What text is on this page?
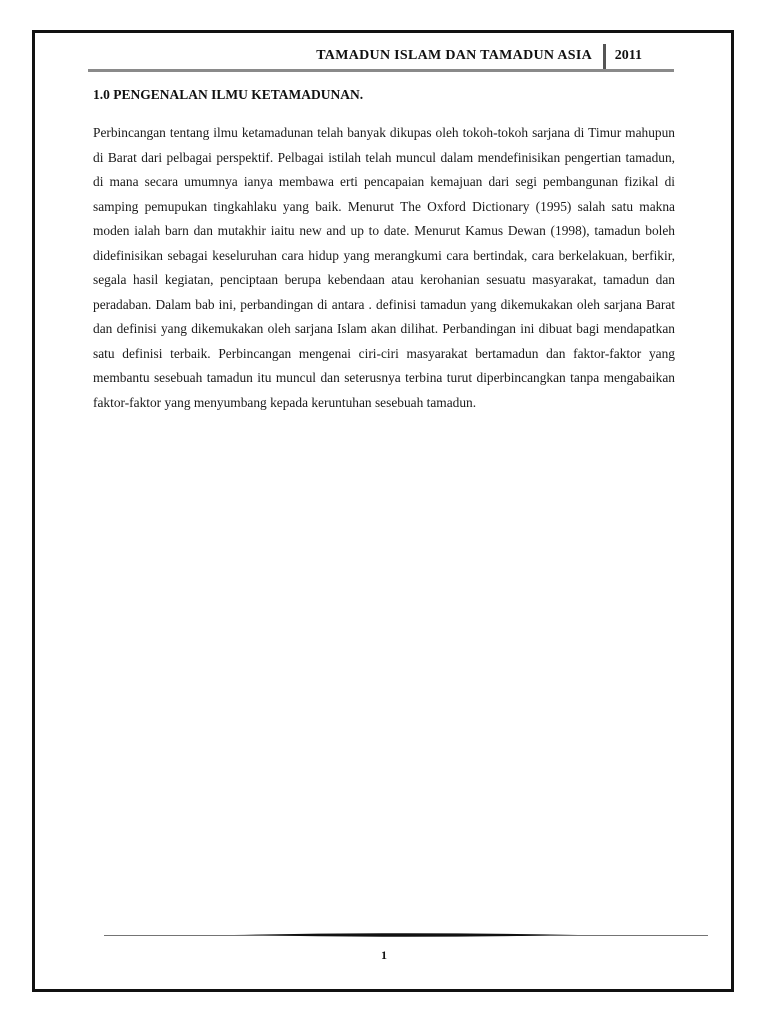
TAMADUN ISLAM DAN TAMADUN ASIA 2011
1.0 PENGENALAN ILMU KETAMADUNAN.

Perbincangan tentang ilmu ketamadunan telah banyak dikupas oleh tokoh-tokoh sarjana di Timur mahupun di Barat dari pelbagai perspektif. Pelbagai istilah telah muncul dalam mendefinisikan pengertian tamadun, di mana secara umumnya ianya membawa erti pencapaian kemajuan dari segi pembangunan fizikal di samping pemupukan tingkahlaku yang baik. Menurut The Oxford Dictionary (1995) salah satu makna moden ialah barn dan mutakhir iaitu new and up to date. Menurut Kamus Dewan (1998), tamadun boleh didefinisikan sebagai keseluruhan cara hidup yang merangkumi cara bertindak, cara berkelakuan, berfikir, segala hasil kegiatan, penciptaan berupa kebendaan atau kerohanian sesuatu masyarakat, tamadun dan peradaban. Dalam bab ini, perbandingan di antara . definisi tamadun yang dikemukakan oleh sarjana Barat dan definisi yang dikemukakan oleh sarjana Islam akan dilihat. Perbandingan ini dibuat bagi mendapatkan satu definisi terbaik. Perbincangan mengenai ciri-ciri masyarakat bertamadun dan faktor-faktor yang membantu sesebuah tamadun itu muncul dan seterusnya terbina turut diperbincangkan tanpa mengabaikan faktor-faktor yang menyumbang kepada keruntuhan sesebuah tamadun.

1
